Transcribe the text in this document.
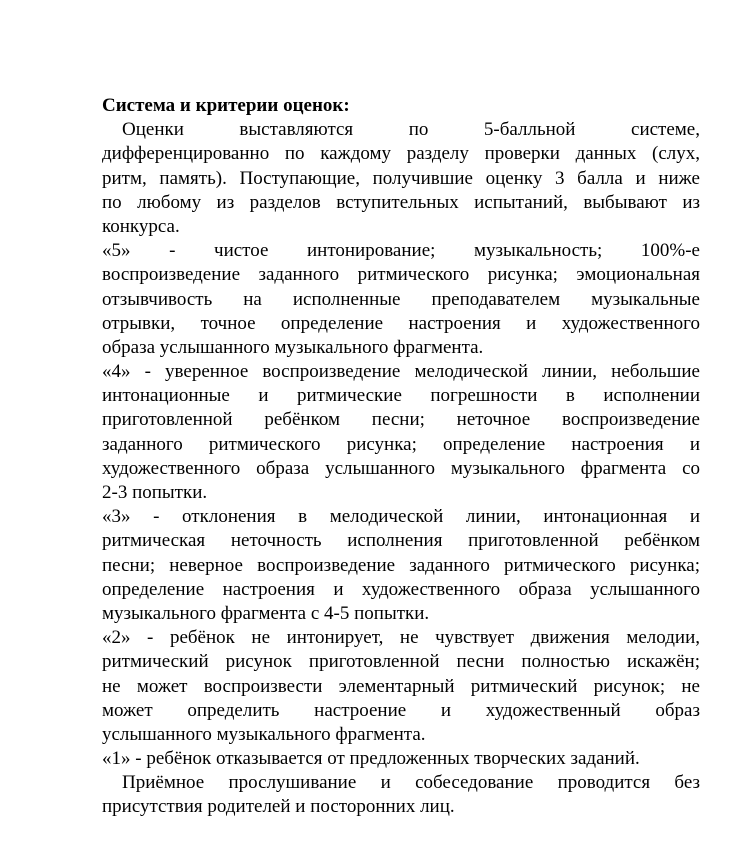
Система и критерии оценок:
Оценки выставляются по 5-балльной системе,
дифференцированно по каждому разделу проверки данных (слух,
ритм, память). Поступающие, получившие оценку 3 балла и ниже
по любому из разделов вступительных испытаний, выбывают из
конкурса.
«5» - чистое интонирование; музыкальность; 100%-е
воспроизведение заданного ритмического рисунка; эмоциональная
отзывчивость на исполненные преподавателем музыкальные
отрывки, точное определение настроения и художественного
образа услышанного музыкального фрагмента.
«4» - уверенное воспроизведение мелодической линии, небольшие
интонационные и ритмические погрешности в исполнении
приготовленной ребёнком песни; неточное воспроизведение
заданного ритмического рисунка; определение настроения и
художественного образа услышанного музыкального фрагмента со
2-3 попытки.
«3» - отклонения в мелодической линии, интонационная и
ритмическая неточность исполнения приготовленной ребёнком
песни; неверное воспроизведение заданного ритмического рисунка;
определение настроения и художественного образа услышанного
музыкального фрагмента с 4-5 попытки.
«2» - ребёнок не интонирует, не чувствует движения мелодии,
ритмический рисунок приготовленной песни полностью искажён;
не может воспроизвести элементарный ритмический рисунок; не
может определить настроение и художественный образ
услышанного музыкального фрагмента.
«1» - ребёнок отказывается от предложенных творческих заданий.
Приёмное прослушивание и собеседование проводится без
присутствия родителей и посторонних лиц.
